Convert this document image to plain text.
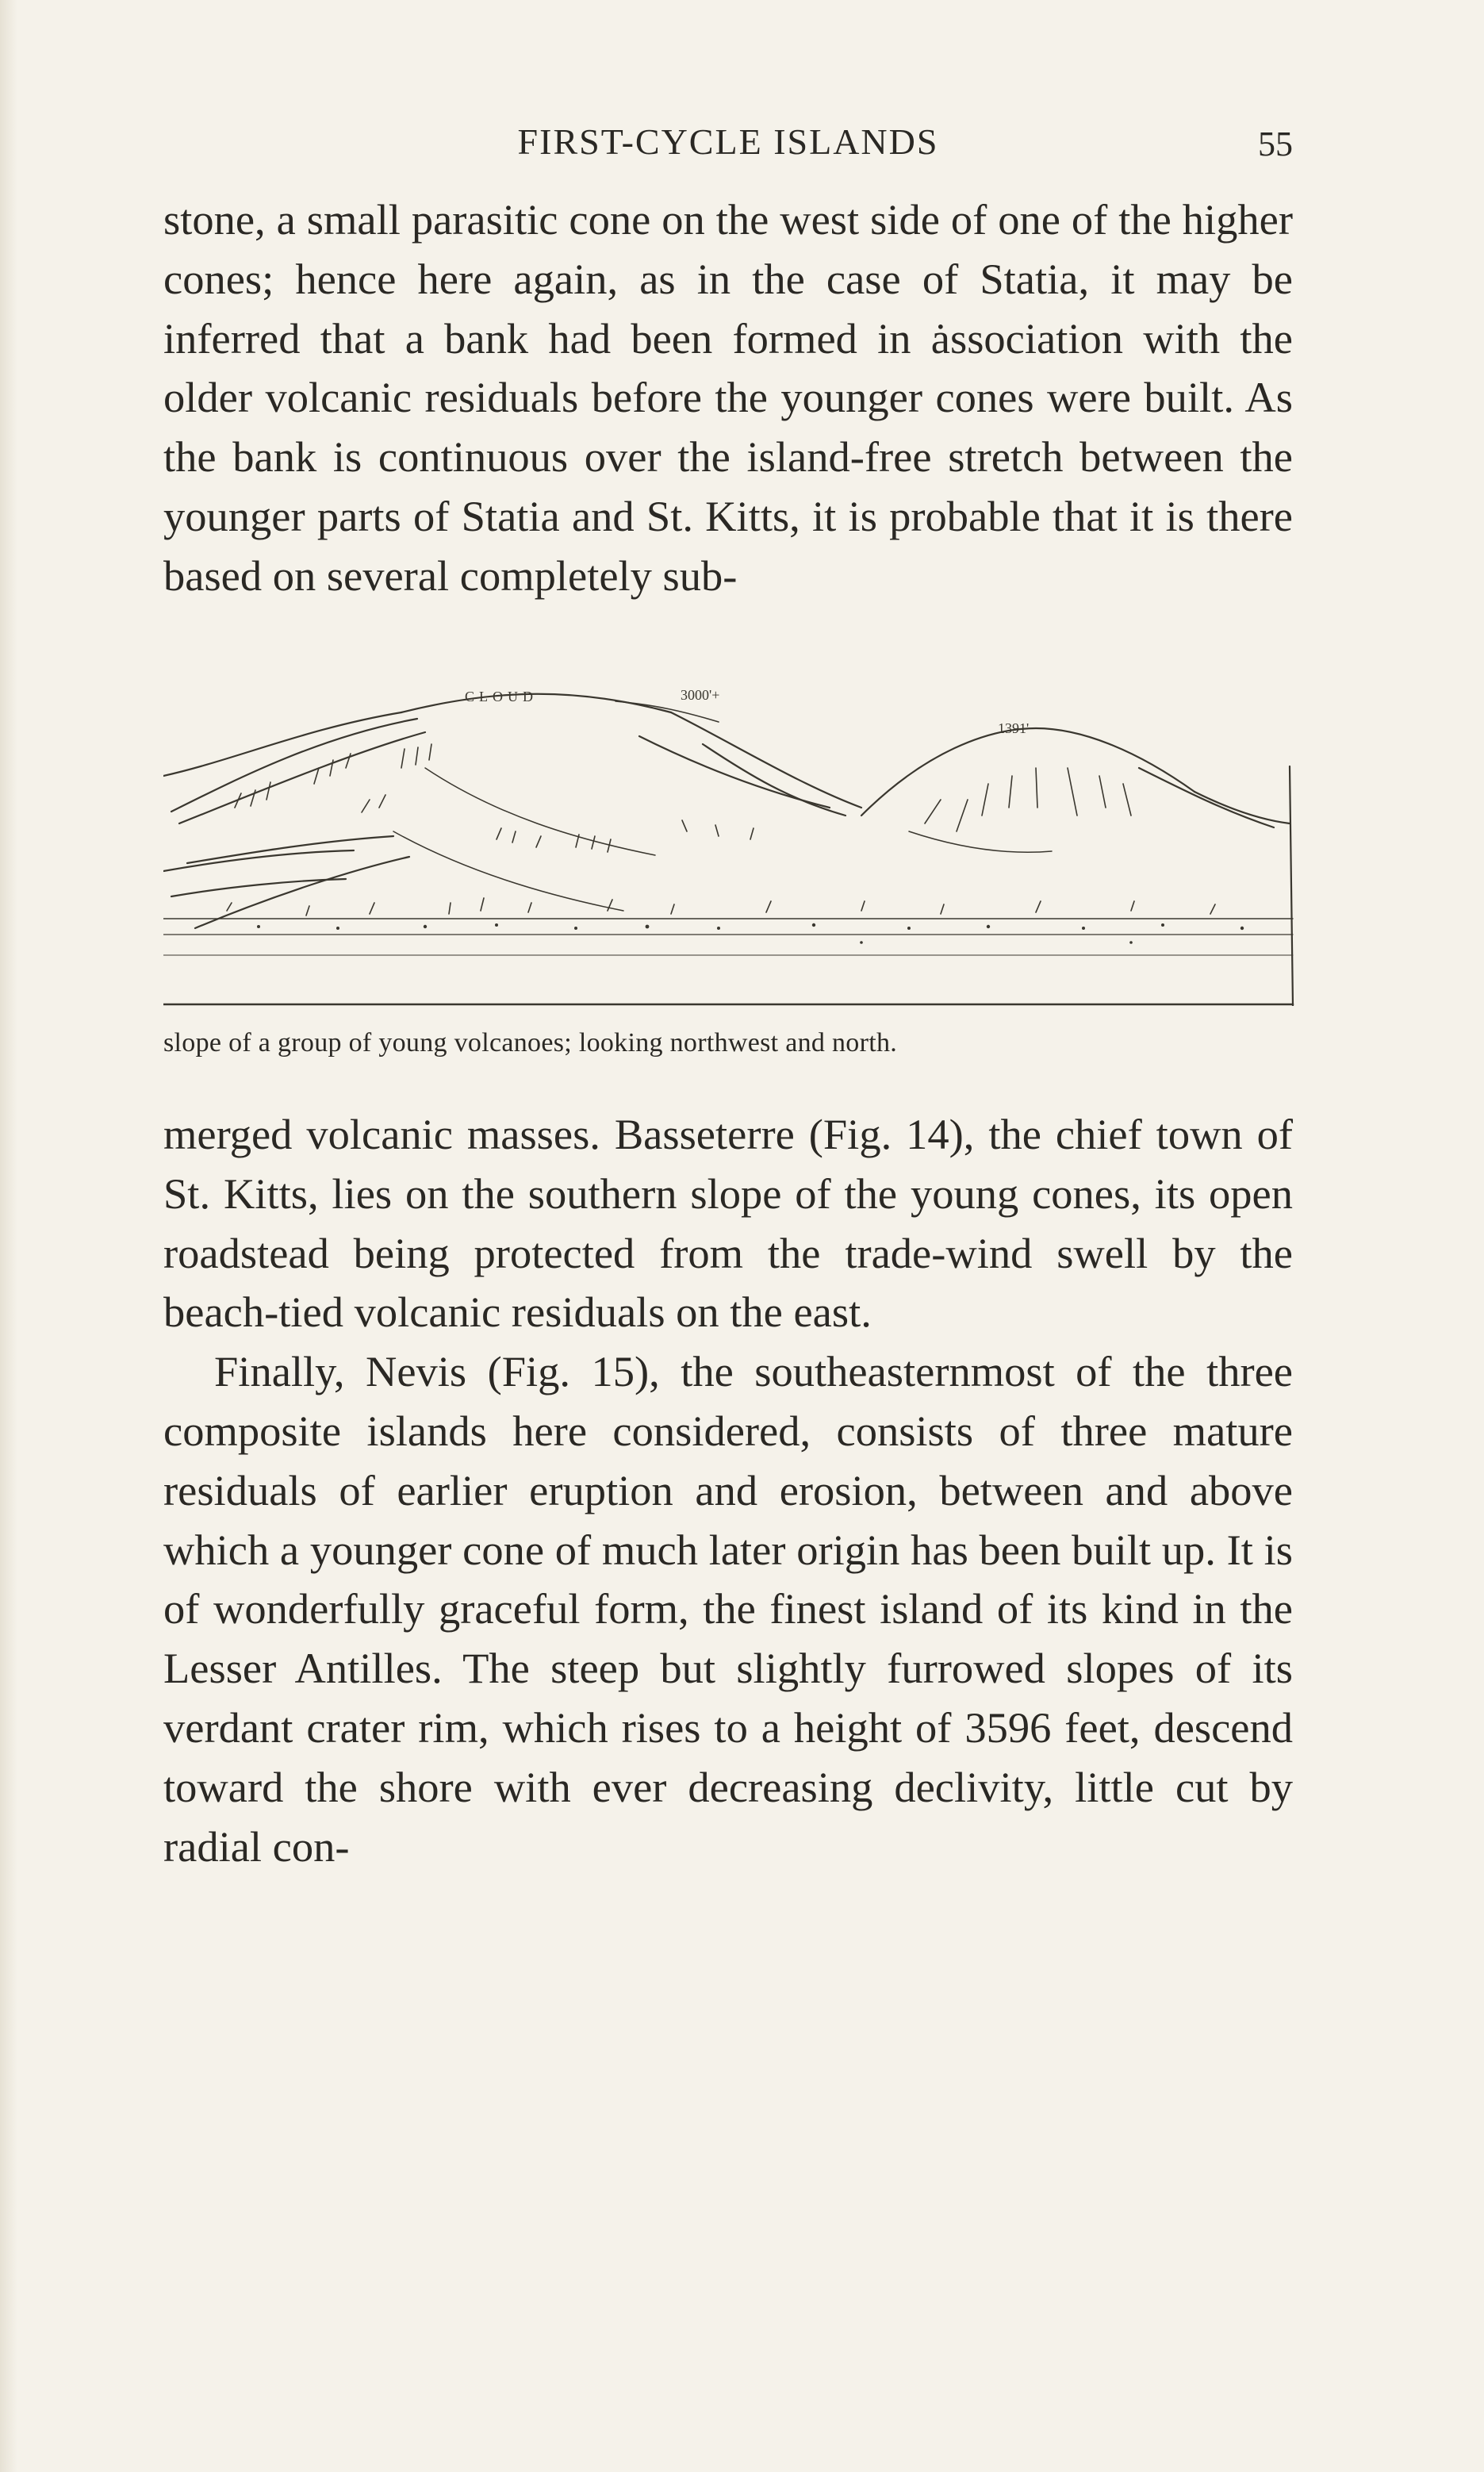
FIRST-CYCLE ISLANDS	55

stone, a small parasitic cone on the west side of one of the higher cones; hence here again, as in the case of Statia, it may be inferred that a bank had been formed in ȧssociation with the older volcanic residuals before the younger cones were built. As the bank is continuous over the island-free stretch between the younger parts of Statia and St. Kitts, it is probable that it is there based on several completely sub-

CLOUD	3000'+
1391'
slope of a group of young volcanoes; looking northwest and north.

merged volcanic masses. Basseterre (Fig. 14), the chief town of St. Kitts, lies on the southern slope of the young cones, its open roadstead being protected from the trade-wind swell by the beach-tied volcanic residuals on the east.

Finally, Nevis (Fig. 15), the southeasternmost of the three composite islands here considered, consists of three mature residuals of earlier eruption and erosion, between and above which a younger cone of much later origin has been built up. It is of wonderfully graceful form, the finest island of its kind in the Lesser Antilles. The steep but slightly furrowed slopes of its verdant crater rim, which rises to a height of 3596 feet, descend toward the shore with ever decreasing declivity, little cut by radial con-
